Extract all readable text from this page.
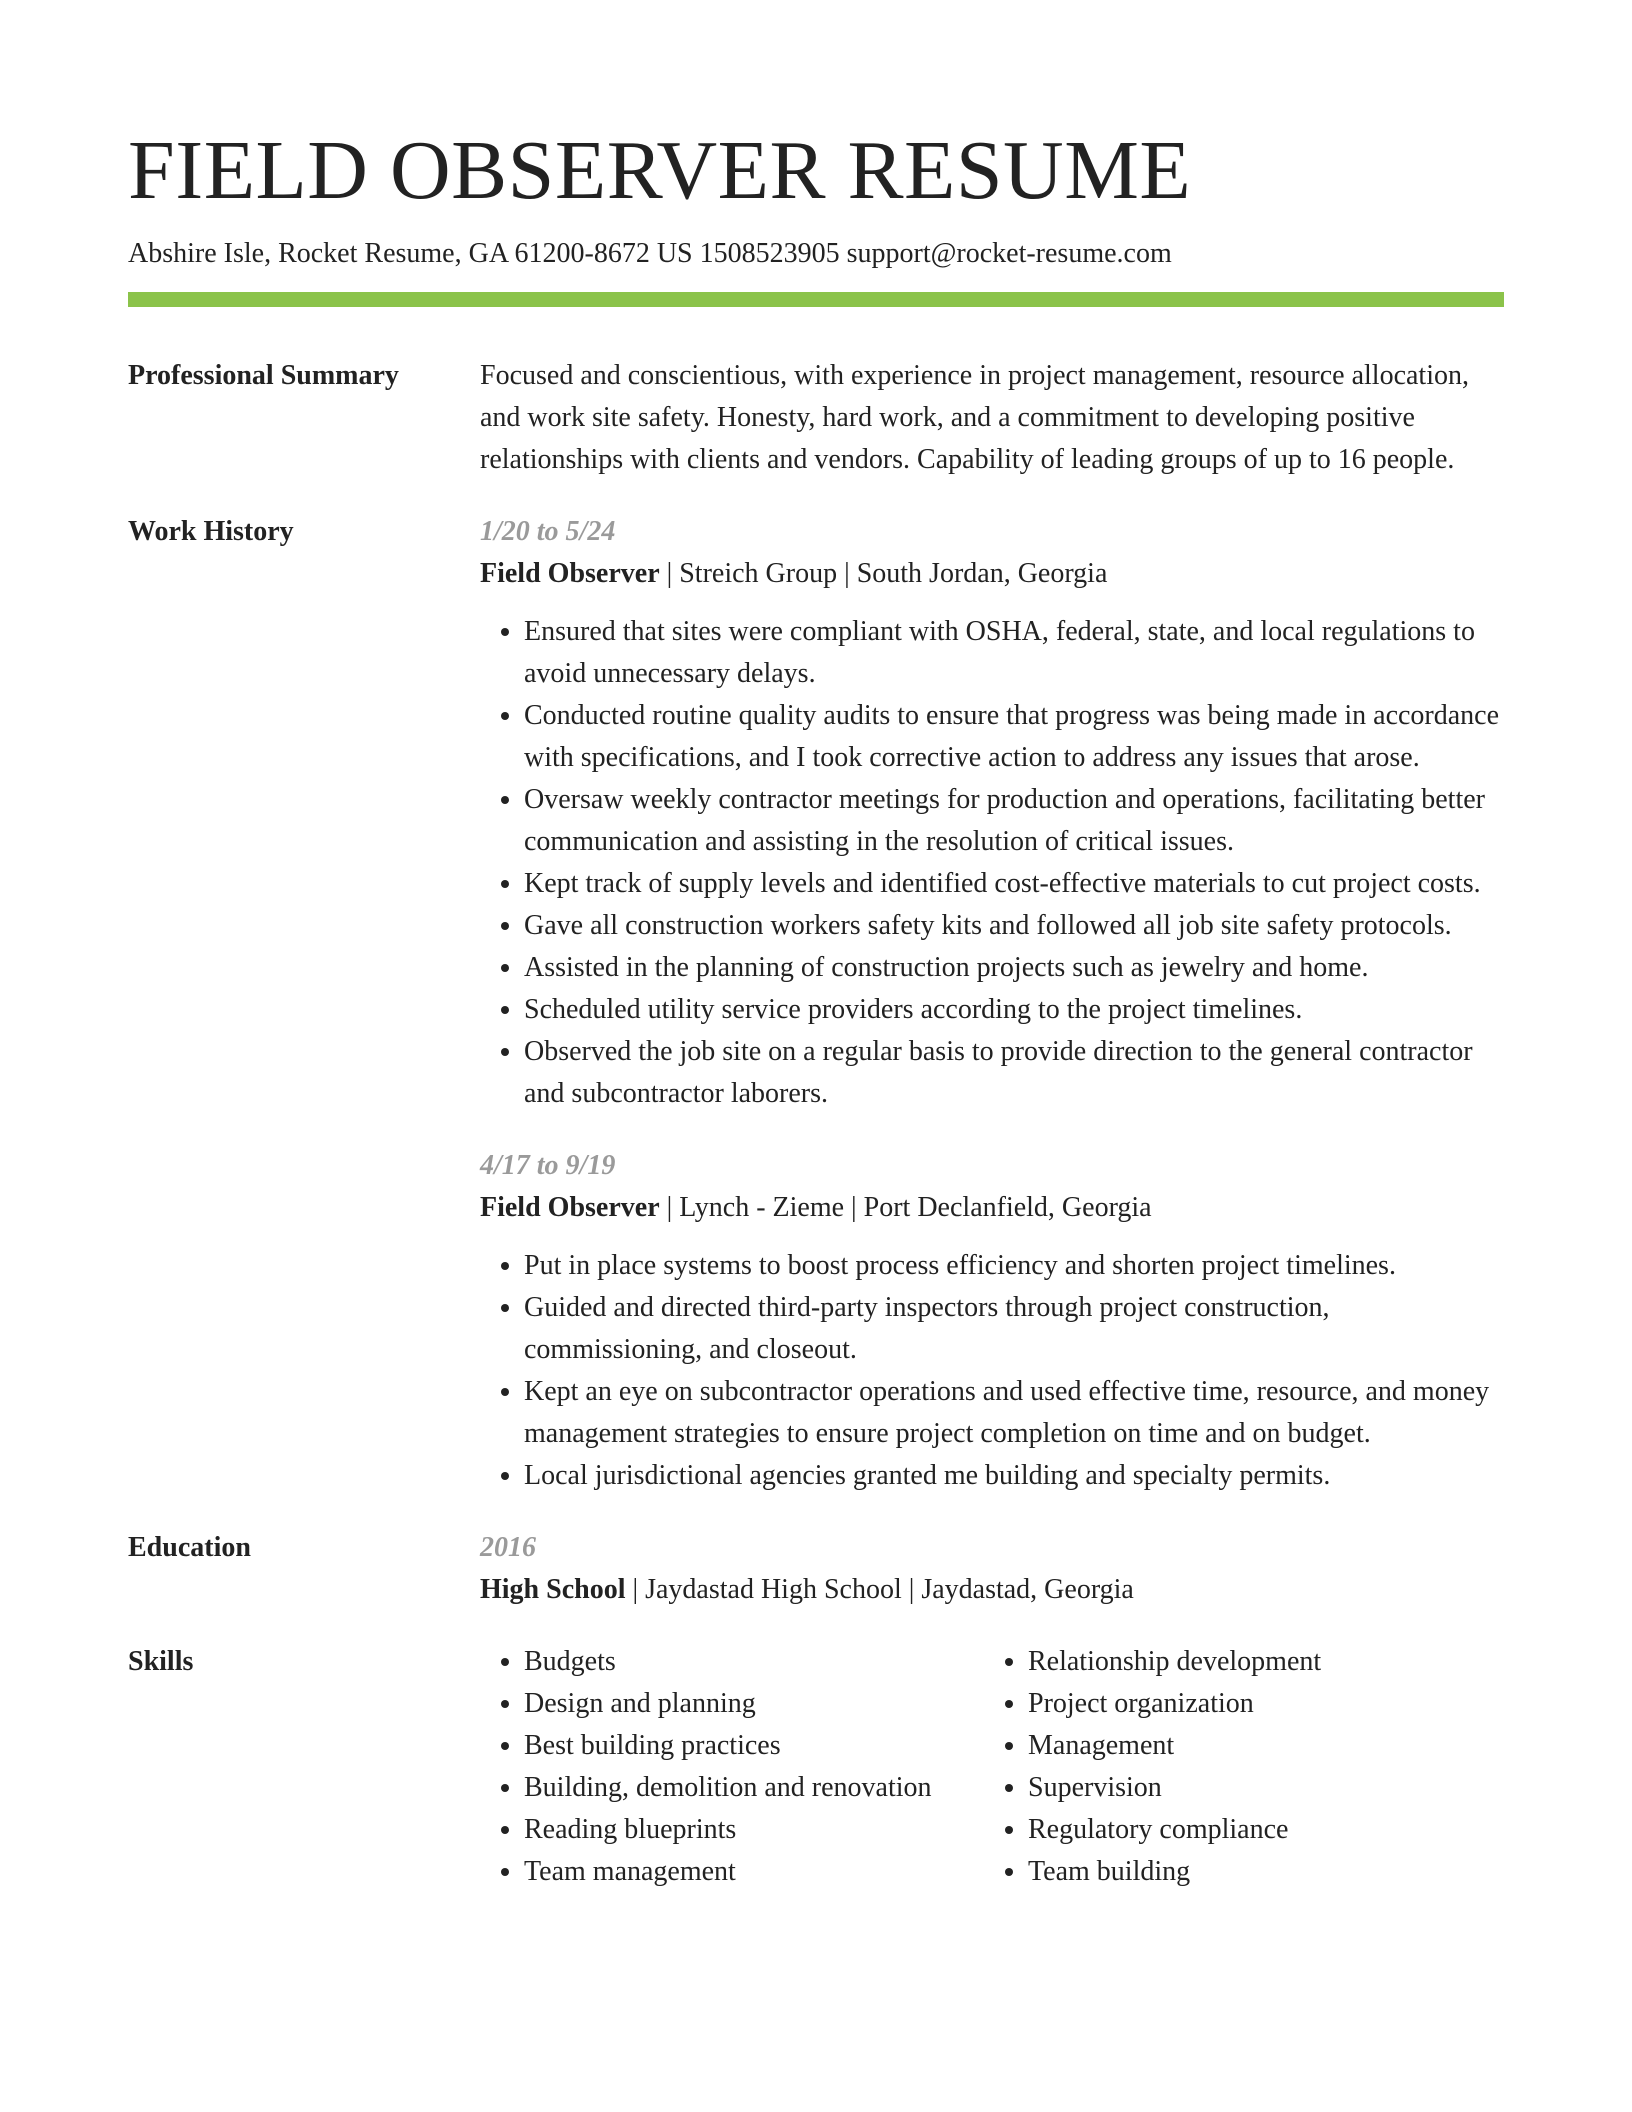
FIELD OBSERVER RESUME
Abshire Isle, Rocket Resume, GA 61200-8672 US 1508523905 support@rocket-resume.com
Professional Summary	Focused and conscientious, with experience in project management, resource allocation, and work site safety. Honesty, hard work, and a commitment to developing positive relationships with clients and vendors. Capability of leading groups of up to 16 people.
Work History	1/20 to 5/24
Field Observer | Streich Group | South Jordan, Georgia
• Ensured that sites were compliant with OSHA, federal, state, and local regulations to avoid unnecessary delays.
• Conducted routine quality audits to ensure that progress was being made in accordance with specifications, and I took corrective action to address any issues that arose.
• Oversaw weekly contractor meetings for production and operations, facilitating better communication and assisting in the resolution of critical issues.
• Kept track of supply levels and identified cost-effective materials to cut project costs.
• Gave all construction workers safety kits and followed all job site safety protocols.
• Assisted in the planning of construction projects such as jewelry and home.
• Scheduled utility service providers according to the project timelines.
• Observed the job site on a regular basis to provide direction to the general contractor and subcontractor laborers.
4/17 to 9/19
Field Observer | Lynch - Zieme | Port Declanfield, Georgia
• Put in place systems to boost process efficiency and shorten project timelines.
• Guided and directed third-party inspectors through project construction, commissioning, and closeout.
• Kept an eye on subcontractor operations and used effective time, resource, and money management strategies to ensure project completion on time and on budget.
• Local jurisdictional agencies granted me building and specialty permits.
Education	2016
High School | Jaydastad High School | Jaydastad, Georgia
Skills
•	Budgets
• Design and planning
• Best building practices
• Building, demolition and renovation
• Reading blueprints
• Team management
• Relationship development
• Project organization
• Management
• Supervision
• Regulatory compliance
• Team building
